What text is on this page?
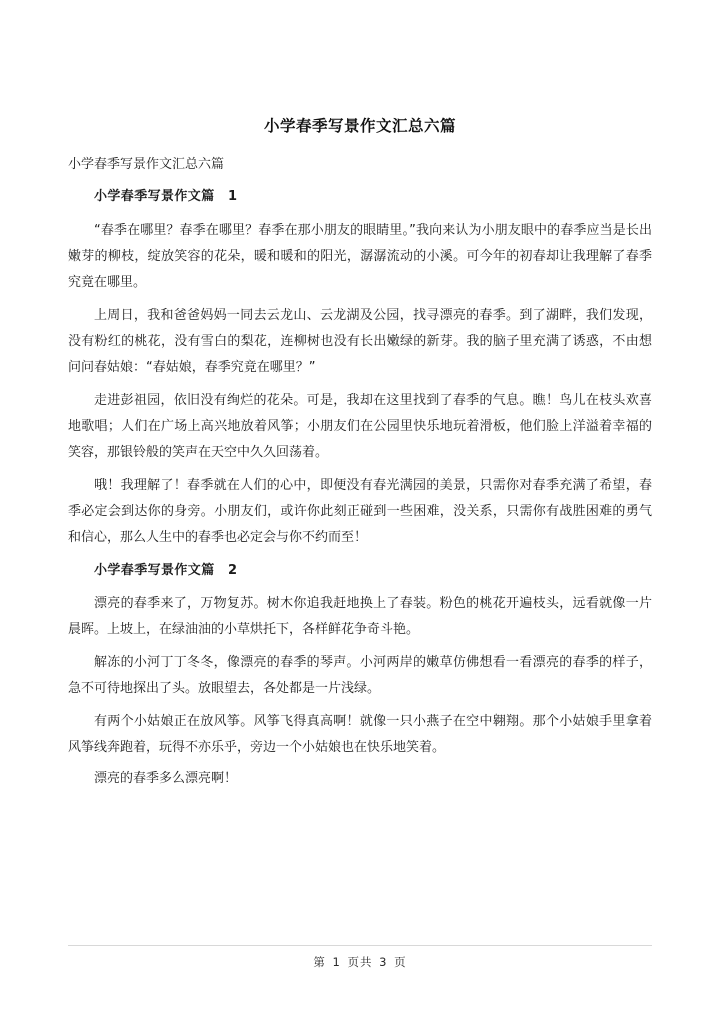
小学春季写景作文汇总六篇

小学春季写景作文汇总六篇

小学春季写景作文篇　1

“春季在哪里？春季在哪里？春季在那小朋友的眼睛里。”我向来认为小朋友眼中的春季应当是长出嫩芽的柳枝，绽放笑容的花朵，暖和暖和的阳光，潺潺流动的小溪。可今年的初春却让我理解了春季究竟在哪里。

上周日，我和爸爸妈妈一同去云龙山、云龙湖及公园，找寻漂亮的春季。到了湖畔，我们发现，没有粉红的桃花，没有雪白的梨花，连柳树也没有长出嫩绿的新芽。我的脑子里充满了诱惑，不由想问问春姑娘：“春姑娘，春季究竟在哪里？”

走进彭祖园，依旧没有绚烂的花朵。可是，我却在这里找到了春季的气息。瞧！鸟儿在枝头欢喜地歌唱；人们在广场上高兴地放着风筝；小朋友们在公园里快乐地玩着滑板，他们脸上洋溢着幸福的笑容，那银铃般的笑声在天空中久久回荡着。

哦！我理解了！春季就在人们的心中，即便没有春光满园的美景，只需你对春季充满了希望，春季必定会到达你的身旁。小朋友们，或许你此刻正碰到一些困难，没关系，只需你有战胜困难的勇气和信心，那么人生中的春季也必定会与你不约而至！

小学春季写景作文篇　2

漂亮的春季来了，万物复苏。树木你追我赶地换上了春装。粉色的桃花开遍枝头，远看就像一片晨晖。上坡上，在绿油油的小草烘托下，各样鲜花争奇斗艳。

解冻的小河丁丁冬冬，像漂亮的春季的琴声。小河两岸的嫩草仿佛想看一看漂亮的春季的样子，急不可待地探出了头。放眼望去，各处都是一片浅绿。

有两个小姑娘正在放风筝。风筝飞得真高啊！就像一只小燕子在空中翱翔。那个小姑娘手里拿着风筝线奔跑着，玩得不亦乐乎，旁边一个小姑娘也在快乐地笑着。

漂亮的春季多么漂亮啊！

第 1 页共 3 页
